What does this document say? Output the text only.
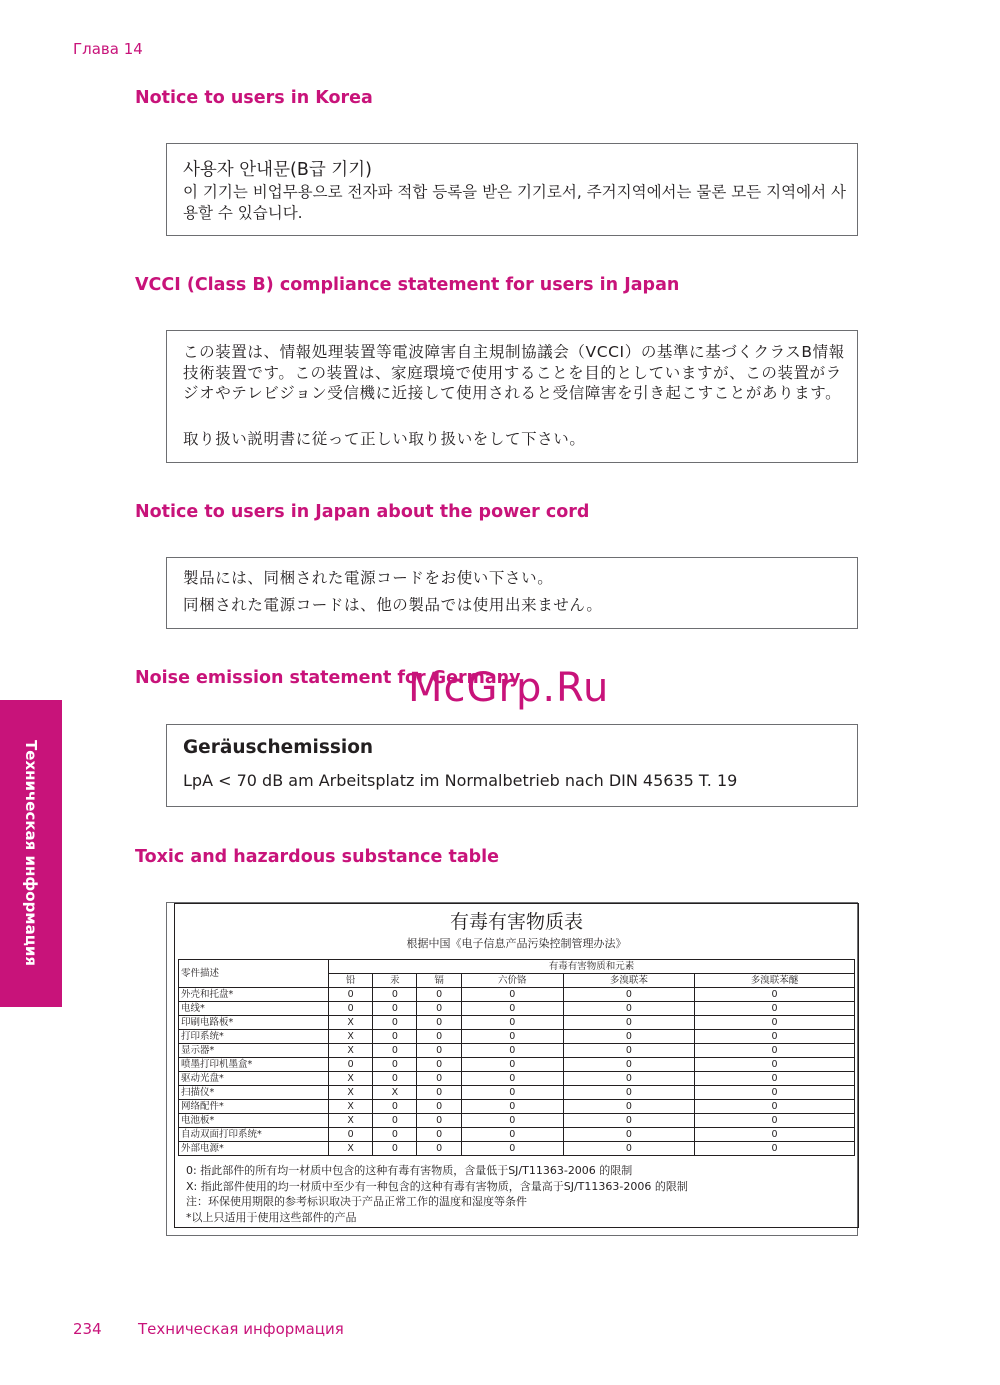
Глава 14
Notice to users in Korea
사용자 안내문(B급 기기)
이 기기는 비업무용으로 전자파 적합 등록을 받은 기기로서, 주거지역에서는 물론 모든 지역에서 사용할 수 있습니다.
VCCI (Class B) compliance statement for users in Japan
この装置は、情報処理装置等電波障害自主規制協議会（VCCI）の基準に基づくクラスB情報技術装置です。この装置は、家庭環境で使用することを目的としていますが、この装置がラジオやテレビジョン受信機に近接して使用されると受信障害を引き起こすことがあります。
取り扱い説明書に従って正しい取り扱いをして下さい。
Notice to users in Japan about the power cord
製品には、同梱された電源コードをお使い下さい。
同梱された電源コードは、他の製品では使用出来ません。
Noise emission statement for Germany
Geräuschemission
LpA < 70 dB am Arbeitsplatz im Normalbetrieb nach DIN 45635 T. 19
Toxic and hazardous substance table
有毒有害物质表
根据中国《电子信息产品污染控制管理办法》
零件描述	有毒有害物质和元素					
	铅	汞	镉	六价铬	多溴联苯	多溴联苯醚
外壳和托盘*	0	0	0	0	0	0
电线*	0	0	0	0	0	0
印刷电路板*	X	0	0	0	0	0
打印系统*	X	0	0	0	0	0
显示器*	X	0	0	0	0	0
喷墨打印机墨盒*	0	0	0	0	0	0
驱动光盘*	X	0	0	0	0	0
扫描仪*	X	X	0	0	0	0
网络配件*	X	0	0	0	0	0
电池板*	X	0	0	0	0	0
自动双面打印系统*	0	0	0	0	0	0
外部电源*	X	0	0	0	0	0
0: 指此部件的所有均一材质中包含的这种有毒有害物质，含量低于SJ/T11363-2006 的限制
X: 指此部件使用的均一材质中至少有一种包含的这种有毒有害物质，含量高于SJ/T11363-2006 的限制
注：环保使用期限的参考标识取决于产品正常工作的温度和湿度等条件
*以上只适用于使用这些部件的产品
Техническая информация
McGrp.Ru
234 Техническая информация
